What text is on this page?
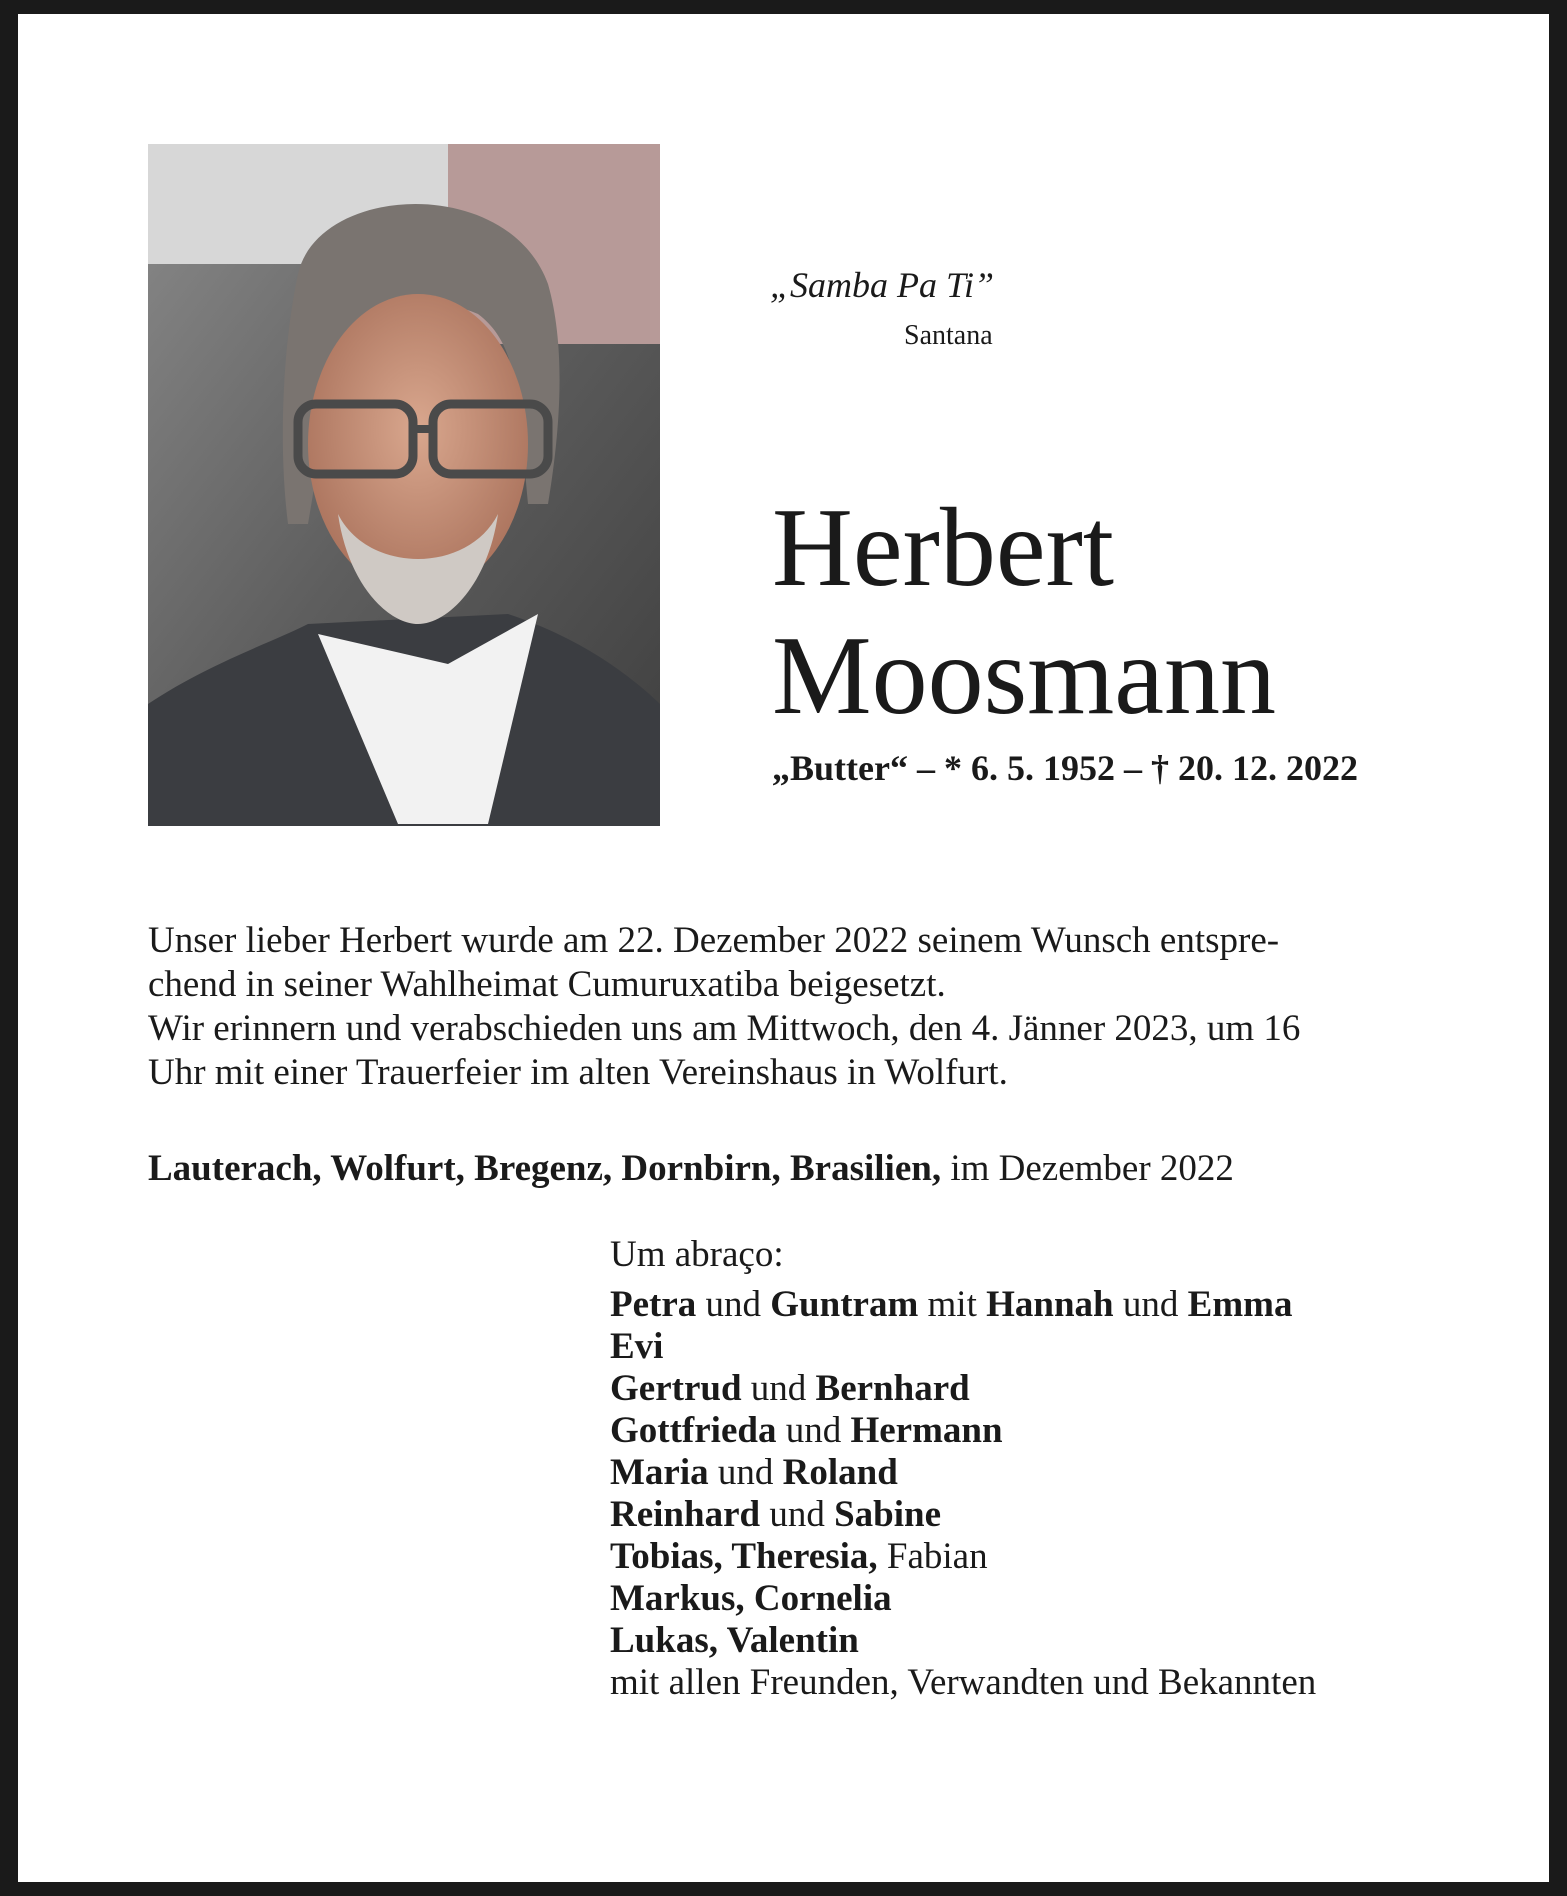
„Samba Pa Ti”
Santana
Herbert
Moosmann
„Butter“ – * 6. 5. 1952 – † 20. 12. 2022
Unser lieber Herbert wurde am 22. Dezember 2022 seinem Wunsch entspre-
chend in seiner Wahlheimat Cumuruxatiba beigesetzt.
Wir erinnern und verabschieden uns am Mittwoch, den 4. Jänner 2023, um 16
Uhr mit einer Trauerfeier im alten Vereinshaus in Wolfurt.
Lauterach, Wolfurt, Bregenz, Dornbirn, Brasilien, im Dezember 2022
Um abraço:
Petra und Guntram mit Hannah und Emma
Evi
Gertrud und Bernhard
Gottfrieda und Hermann
Maria und Roland
Reinhard und Sabine
Tobias, Theresia, Fabian
Markus, Cornelia
Lukas, Valentin
mit allen Freunden, Verwandten und Bekannten
